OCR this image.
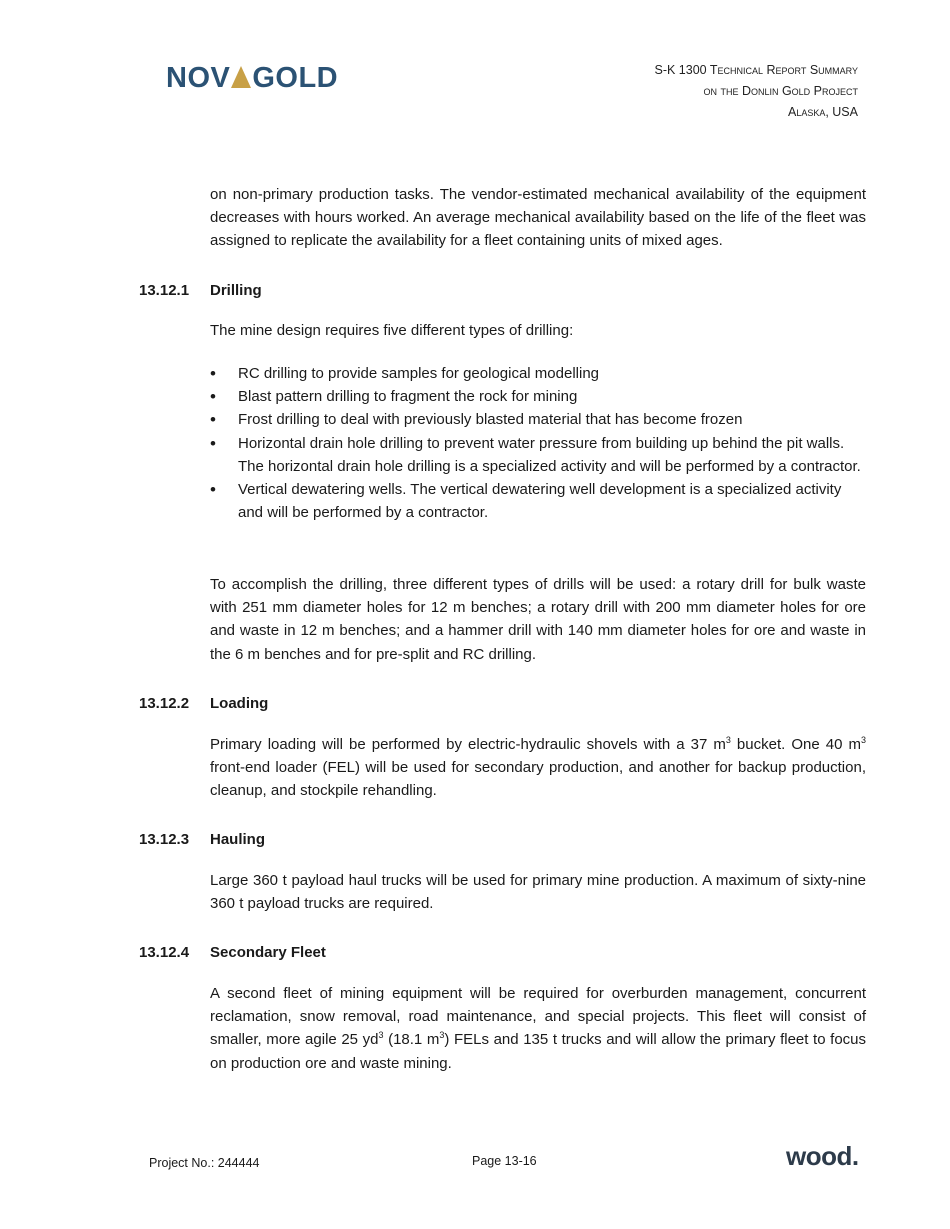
NOV GOLD	S-K 1300 Technical Report Summary
on the Donlin Gold Project
Alaska, USA
on non-primary production tasks. The vendor-estimated mechanical availability of the equipment decreases with hours worked. An average mechanical availability based on the life of the fleet was assigned to replicate the availability for a fleet containing units of mixed ages.
13.12.1 Drilling
The mine design requires five different types of drilling:
• RC drilling to provide samples for geological modelling
• Blast pattern drilling to fragment the rock for mining
• Frost drilling to deal with previously blasted material that has become frozen
• Horizontal drain hole drilling to prevent water pressure from building up behind the pit walls. The horizontal drain hole drilling is a specialized activity and will be performed by a contractor.
• Vertical dewatering wells. The vertical dewatering well development is a specialized activity and will be performed by a contractor.
To accomplish the drilling, three different types of drills will be used: a rotary drill for bulk waste with 251 mm diameter holes for 12 m benches; a rotary drill with 200 mm diameter holes for ore and waste in 12 m benches; and a hammer drill with 140 mm diameter holes for ore and waste in the 6 m benches and for pre-split and RC drilling.
13.12.2 Loading
Primary loading will be performed by electric-hydraulic shovels with a 37 $m^3$ bucket. One 40 $m^3$ front-end loader (FEL) will be used for secondary production, and another for backup production, cleanup, and stockpile rehandling.
13.12.3 Hauling
Large 360 t payload haul trucks will be used for primary mine production. A maximum of sixty-nine 360 t payload trucks are required.
13.12.4 Secondary Fleet
A second fleet of mining equipment will be required for overburden management, concurrent reclamation, snow removal, road maintenance, and special projects. This fleet will consist of smaller, more agile 25 $yd^3$ (18.1 $m^3$) FELs and 135 t trucks and will allow the primary fleet to focus on production ore and waste mining.
Project No.: 244444	Page 13-16	wood.
